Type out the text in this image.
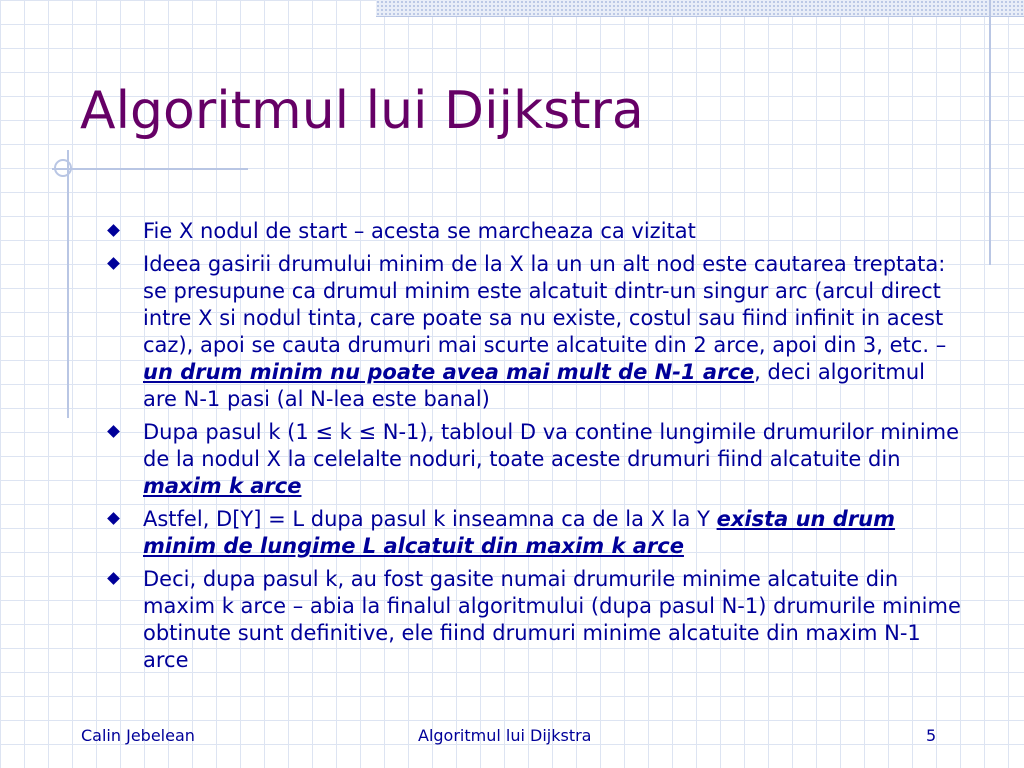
Algoritmul lui Dijkstra
Fie X nodul de start – acesta se marcheaza ca vizitat
Ideea gasirii drumului minim de la X la un un alt nod este cautarea treptata: se presupune ca drumul minim este alcatuit dintr-un singur arc (arcul direct intre X si nodul tinta, care poate sa nu existe, costul sau fiind infinit in acest caz), apoi se cauta drumuri mai scurte alcatuite din 2 arce, apoi din 3, etc. – un drum minim nu poate avea mai mult de N-1 arce, deci algoritmul are N-1 pasi (al N-lea este banal)
Dupa pasul k (1 ≤ k ≤ N-1), tabloul D va contine lungimile drumurilor minime de la nodul X la celelalte noduri, toate aceste drumuri fiind alcatuite din maxim k arce
Astfel, D[Y] = L dupa pasul k inseamna ca de la X la Y exista un drum minim de lungime L alcatuit din maxim k arce
Deci, dupa pasul k, au fost gasite numai drumurile minime alcatuite din maxim k arce – abia la finalul algoritmului (dupa pasul N-1) drumurile minime obtinute sunt definitive, ele fiind drumuri minime alcatuite din maxim N-1 arce
Calin Jebelean	Algoritmul lui Dijkstra	5
